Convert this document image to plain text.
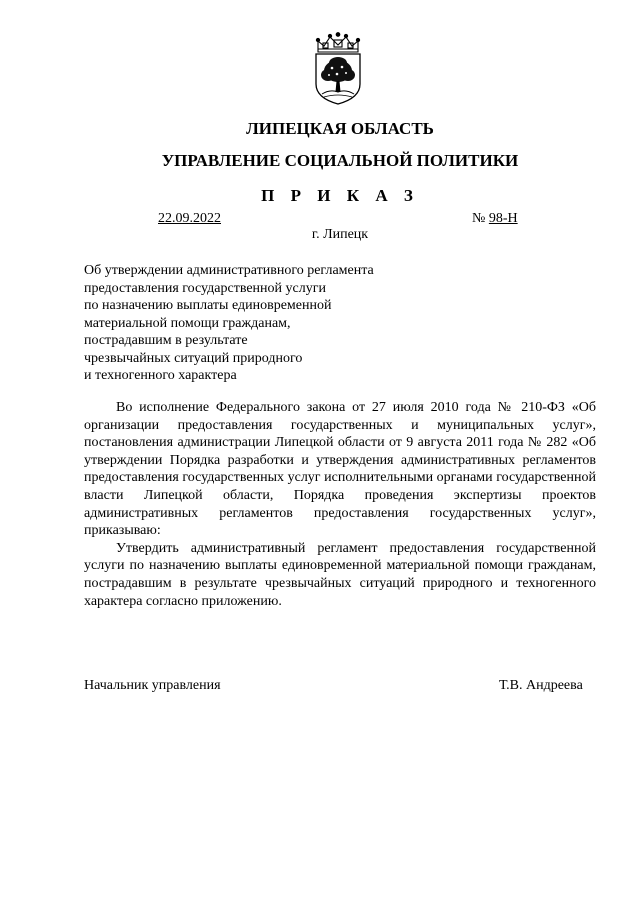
ЛИПЕЦКАЯ ОБЛАСТЬ
УПРАВЛЕНИЕ СОЦИАЛЬНОЙ ПОЛИТИКИ
П Р И К А З
22.09.2022	№ 98-Н
г. Липецк
Об утверждении административного регламента
предоставления государственной услуги
по назначению выплаты единовременной
материальной помощи гражданам,
пострадавшим в результате
чрезвычайных ситуаций природного
и техногенного характера

Во исполнение Федерального закона от 27 июля 2010 года № 210-ФЗ «Об организации предоставления государственных и муниципальных услуг», постановления администрации Липецкой области от 9 августа 2011 года № 282 «Об утверждении Порядка разработки и утверждения административных регламентов предоставления государственных услуг исполнительными органами государственной власти Липецкой области, Порядка проведения экспертизы проектов административных регламентов предоставления государственных услуг», приказываю:

Утвердить административный регламент предоставления государственной услуги по назначению выплаты единовременной материальной помощи гражданам, пострадавшим в результате чрезвычайных ситуаций природного и техногенного характера согласно приложению.

Начальник управления	Т.В. Андреева
